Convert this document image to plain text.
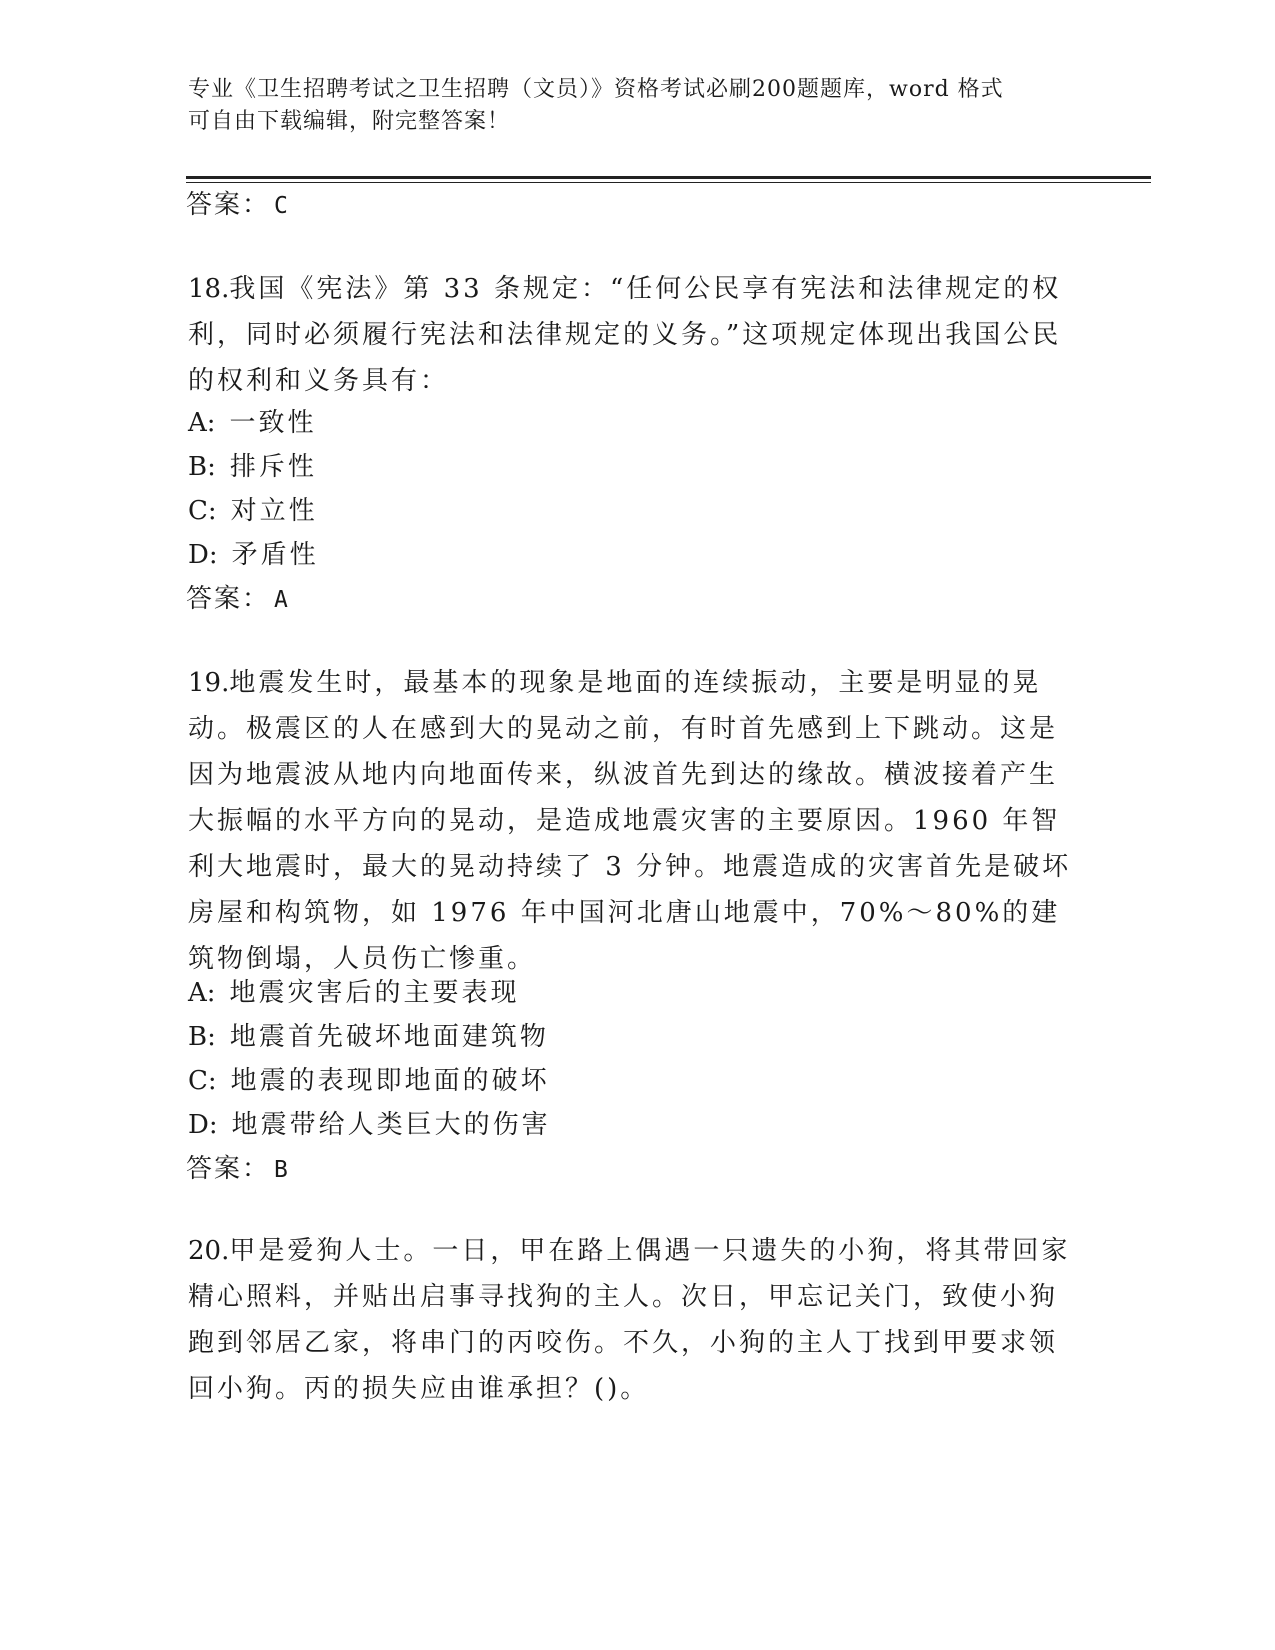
专业《卫生招聘考试之卫生招聘（文员）》资格考试必刷200题题库，word 格式
可自由下载编辑，附完整答案！
答案： C
18.我国《宪法》第 33 条规定：“任何公民享有宪法和法律规定的权利，同时必须履行宪法和法律规定的义务。”这项规定体现出我国公民的权利和义务具有：
A: 一致性
B: 排斥性
C: 对立性
D: 矛盾性
答案： A
19.地震发生时，最基本的现象是地面的连续振动，主要是明显的晃动。极震区的人在感到大的晃动之前，有时首先感到上下跳动。这是因为地震波从地内向地面传来，纵波首先到达的缘故。横波接着产生大振幅的水平方向的晃动，是造成地震灾害的主要原因。1960 年智利大地震时，最大的晃动持续了 3 分钟。地震造成的灾害首先是破坏房屋和构筑物，如 1976 年中国河北唐山地震中，70%～80%的建筑物倒塌，人员伤亡惨重。
A: 地震灾害后的主要表现
B: 地震首先破坏地面建筑物
C: 地震的表现即地面的破坏
D: 地震带给人类巨大的伤害
答案： B
20.甲是爱狗人士。一日，甲在路上偶遇一只遗失的小狗，将其带回家精心照料，并贴出启事寻找狗的主人。次日，甲忘记关门，致使小狗跑到邻居乙家，将串门的丙咬伤。不久，小狗的主人丁找到甲要求领回小狗。丙的损失应由谁承担？()。
